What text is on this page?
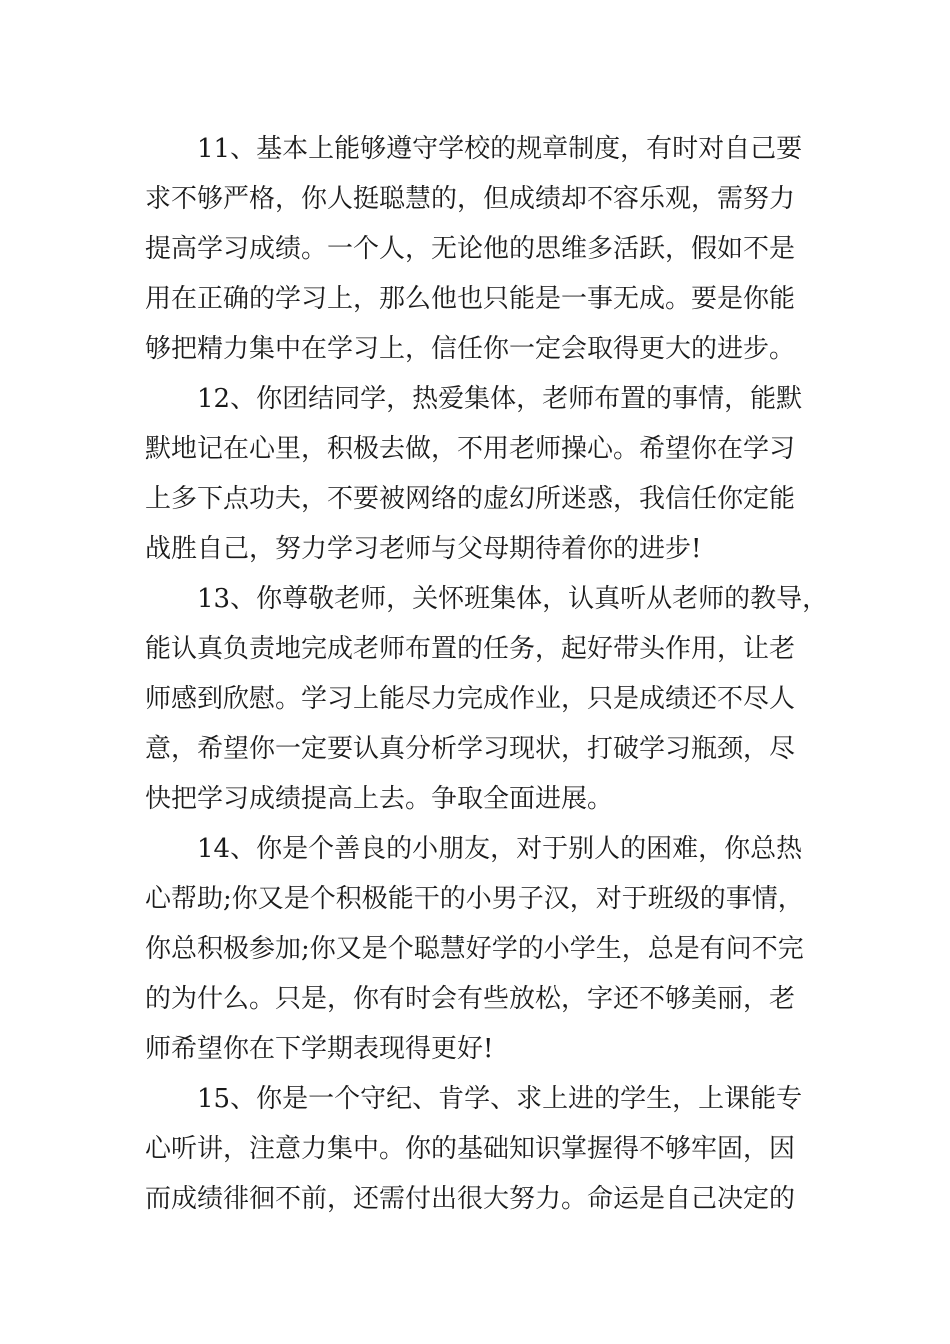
11、基本上能够遵守学校的规章制度，有时对自己要
求不够严格，你人挺聪慧的，但成绩却不容乐观，需努力
提高学习成绩。一个人，无论他的思维多活跃，假如不是
用在正确的学习上，那么他也只能是一事无成。要是你能
够把精力集中在学习上，信任你一定会取得更大的进步。
12、你团结同学，热爱集体，老师布置的事情，能默
默地记在心里，积极去做，不用老师操心。希望你在学习
上多下点功夫，不要被网络的虚幻所迷惑，我信任你定能
战胜自己，努力学习老师与父母期待着你的进步!
13、你尊敬老师，关怀班集体，认真听从老师的教导，
能认真负责地完成老师布置的任务，起好带头作用，让老
师感到欣慰。学习上能尽力完成作业，只是成绩还不尽人
意，希望你一定要认真分析学习现状，打破学习瓶颈，尽
快把学习成绩提高上去。争取全面进展。
14、你是个善良的小朋友，对于别人的困难，你总热
心帮助;你又是个积极能干的小男子汉，对于班级的事情，
你总积极参加;你又是个聪慧好学的小学生，总是有问不完
的为什么。只是，你有时会有些放松，字还不够美丽，老
师希望你在下学期表现得更好!
15、你是一个守纪、肯学、求上进的学生，上课能专
心听讲，注意力集中。你的基础知识掌握得不够牢固，因
而成绩徘徊不前，还需付出很大努力。命运是自己决定的
